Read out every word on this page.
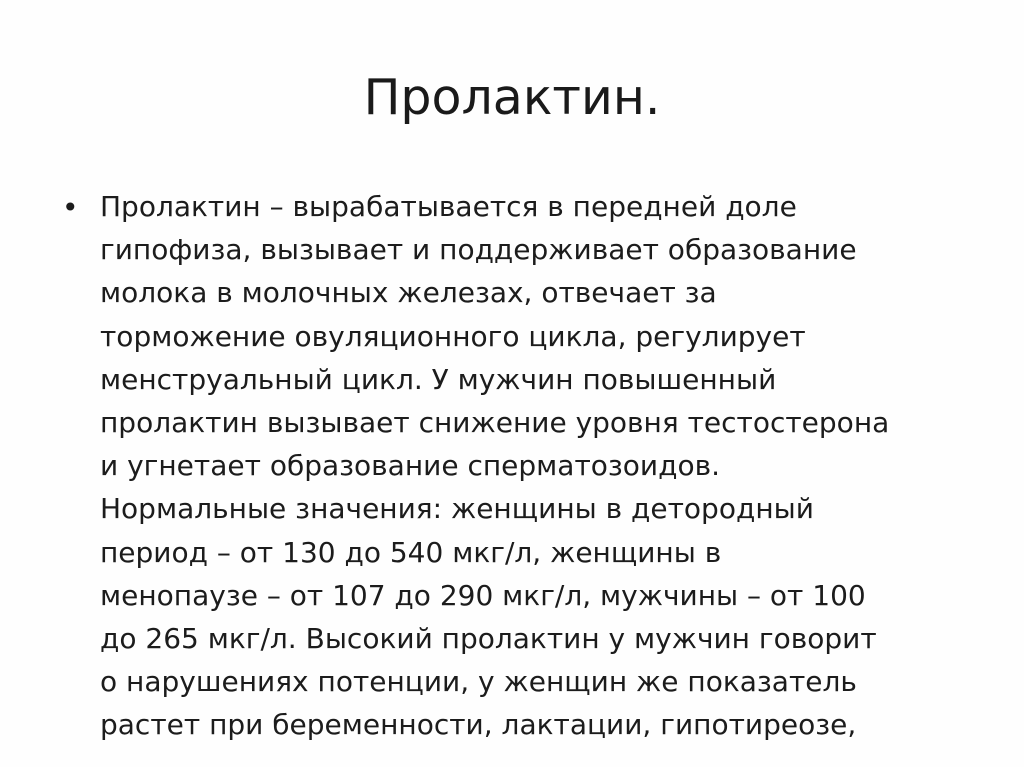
Пролактин.
• Пролактин – вырабатывается в передней доле
гипофиза, вызывает и поддерживает образование
молока в молочных железах, отвечает за
торможение овуляционного цикла, регулирует
менструальный цикл. У мужчин повышенный
пролактин вызывает снижение уровня тестостерона
и угнетает образование сперматозоидов.
Нормальные значения: женщины в детородный
период – от 130 до 540 мкг/л, женщины в
менопаузе – от 107 до 290 мкг/л, мужчины – от 100
до 265 мкг/л. Высокий пролактин у мужчин говорит
о нарушениях потенции, у женщин же показатель
растет при беременности, лактации, гипотиреозе,
